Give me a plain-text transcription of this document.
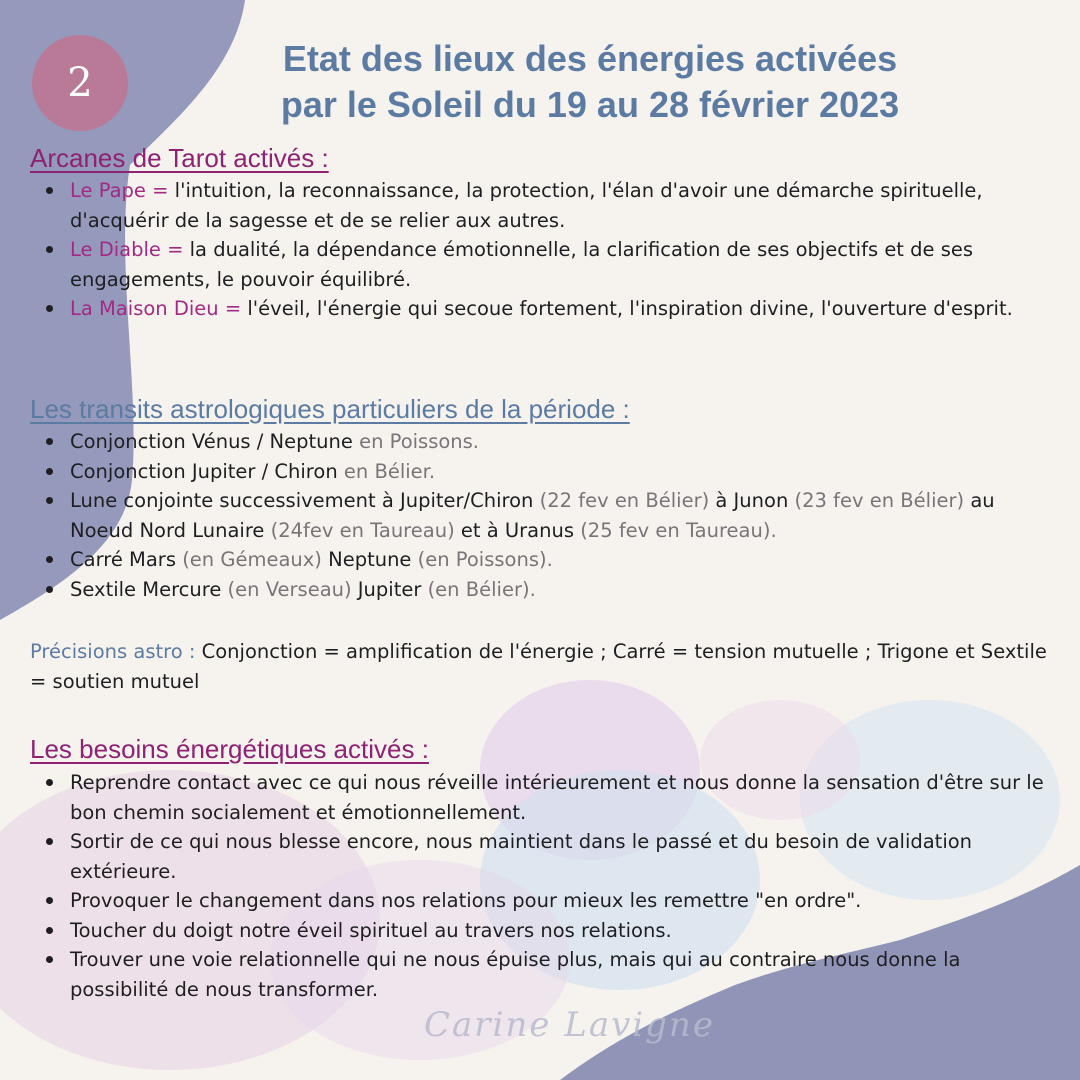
2
Etat des lieux des énergies activées
par le Soleil du 19 au 28 février 2023
Arcanes de Tarot activés :
Le Pape = l'intuition, la reconnaissance, la protection, l'élan d'avoir une démarche spirituelle, d'acquérir de la sagesse et de se relier aux autres.
Le Diable = la dualité, la dépendance émotionnelle, la clarification de ses objectifs et de ses engagements, le pouvoir équilibré.
La Maison Dieu = l'éveil, l'énergie qui secoue fortement, l'inspiration divine, l'ouverture d'esprit.
Les transits astrologiques particuliers de la période :
Conjonction Vénus / Neptune en Poissons.
Conjonction Jupiter / Chiron en Bélier.
Lune conjointe successivement à Jupiter/Chiron (22 fev en Bélier) à Junon (23 fev en Bélier) au Noeud Nord Lunaire (24fev en Taureau) et à Uranus (25 fev en Taureau).
Carré Mars (en Gémeaux) Neptune (en Poissons).
Sextile Mercure (en Verseau) Jupiter (en Bélier).
Précisions astro : Conjonction = amplification de l'énergie ; Carré = tension mutuelle ; Trigone et Sextile = soutien mutuel
Les besoins énergétiques activés :
Reprendre contact avec ce qui nous réveille intérieurement et nous donne la sensation d'être sur le bon chemin socialement et émotionnellement.
Sortir de ce qui nous blesse encore, nous maintient dans le passé et du besoin de validation extérieure.
Provoquer le changement dans nos relations pour mieux les remettre "en ordre".
Toucher du doigt notre éveil spirituel au travers nos relations.
Trouver une voie relationnelle qui ne nous épuise plus, mais qui au contraire nous donne la possibilité de nous transformer.
Carine Lavigne
